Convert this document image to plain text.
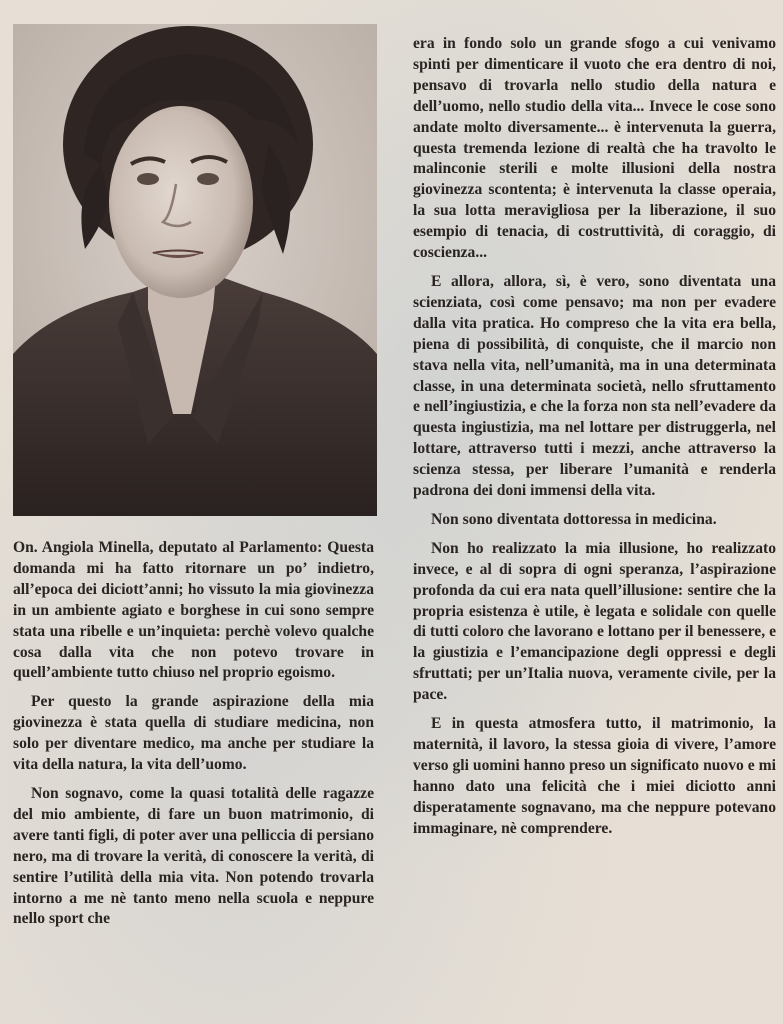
On. Angiola Minella, deputato al Parlamento: Questa domanda mi ha fatto ritornare un po’ indietro, all’epoca dei diciott’anni; ho vissuto la mia giovinezza in un ambiente agiato e borghese in cui sono sempre stata una ribelle e un’inquieta: perchè volevo qualche cosa dalla vita che non potevo trovare in quell’ambiente tutto chiuso nel proprio egoismo.

Per questo la grande aspirazione della mia giovinezza è stata quella di studiare medicina, non solo per diventare medico, ma anche per studiare la vita della natura, la vita dell’uomo.

Non sognavo, come la quasi totalità delle ragazze del mio ambiente, di fare un buon matrimonio, di avere tanti figli, di poter aver una pelliccia di persiano nero, ma di trovare la verità, di conoscere la verità, di sentire l’utilità della mia vita. Non potendo trovarla intorno a me nè tanto meno nella scuola e neppure nello sport che

era in fondo solo un grande sfogo a cui venivamo spinti per dimenticare il vuoto che era dentro di noi, pensavo di trovarla nello studio della natura e dell’uomo, nello studio della vita... Invece le cose sono andate molto diversamente... è intervenuta la guerra, questa tremenda lezione di realtà che ha travolto le malinconie sterili e molte illusioni della nostra giovinezza scontenta; è intervenuta la classe operaia, la sua lotta meravigliosa per la liberazione, il suo esempio di tenacia, di costruttività, di coraggio, di coscienza...

E allora, allora, sì, è vero, sono diventata una scienziata, così come pensavo; ma non per evadere dalla vita pratica. Ho compreso che la vita era bella, piena di possibilità, di conquiste, che il marcio non stava nella vita, nell’umanità, ma in una determinata classe, in una determinata società, nello sfruttamento e nell’ingiustizia, e che la forza non sta nell’evadere da questa ingiustizia, ma nel lottare per distruggerla, nel lottare, attraverso tutti i mezzi, anche attraverso la scienza stessa, per liberare l’umanità e renderla padrona dei doni immensi della vita.

Non sono diventata dottoressa in medicina.

Non ho realizzato la mia illusione, ho realizzato invece, e al di sopra di ogni speranza, l’aspirazione profonda da cui era nata quell’illusione: sentire che la propria esistenza è utile, è legata e solidale con quelle di tutti coloro che lavorano e lottano per il benessere, e la giustizia e l’emancipazione degli oppressi e degli sfruttati; per un’Italia nuova, veramente civile, per la pace.

E in questa atmosfera tutto, il matrimonio, la maternità, il lavoro, la stessa gioia di vivere, l’amore verso gli uomini hanno preso un significato nuovo e mi hanno dato una felicità che i miei diciotto anni disperatamente sognavano, ma che neppure potevano immaginare, nè comprendere.
